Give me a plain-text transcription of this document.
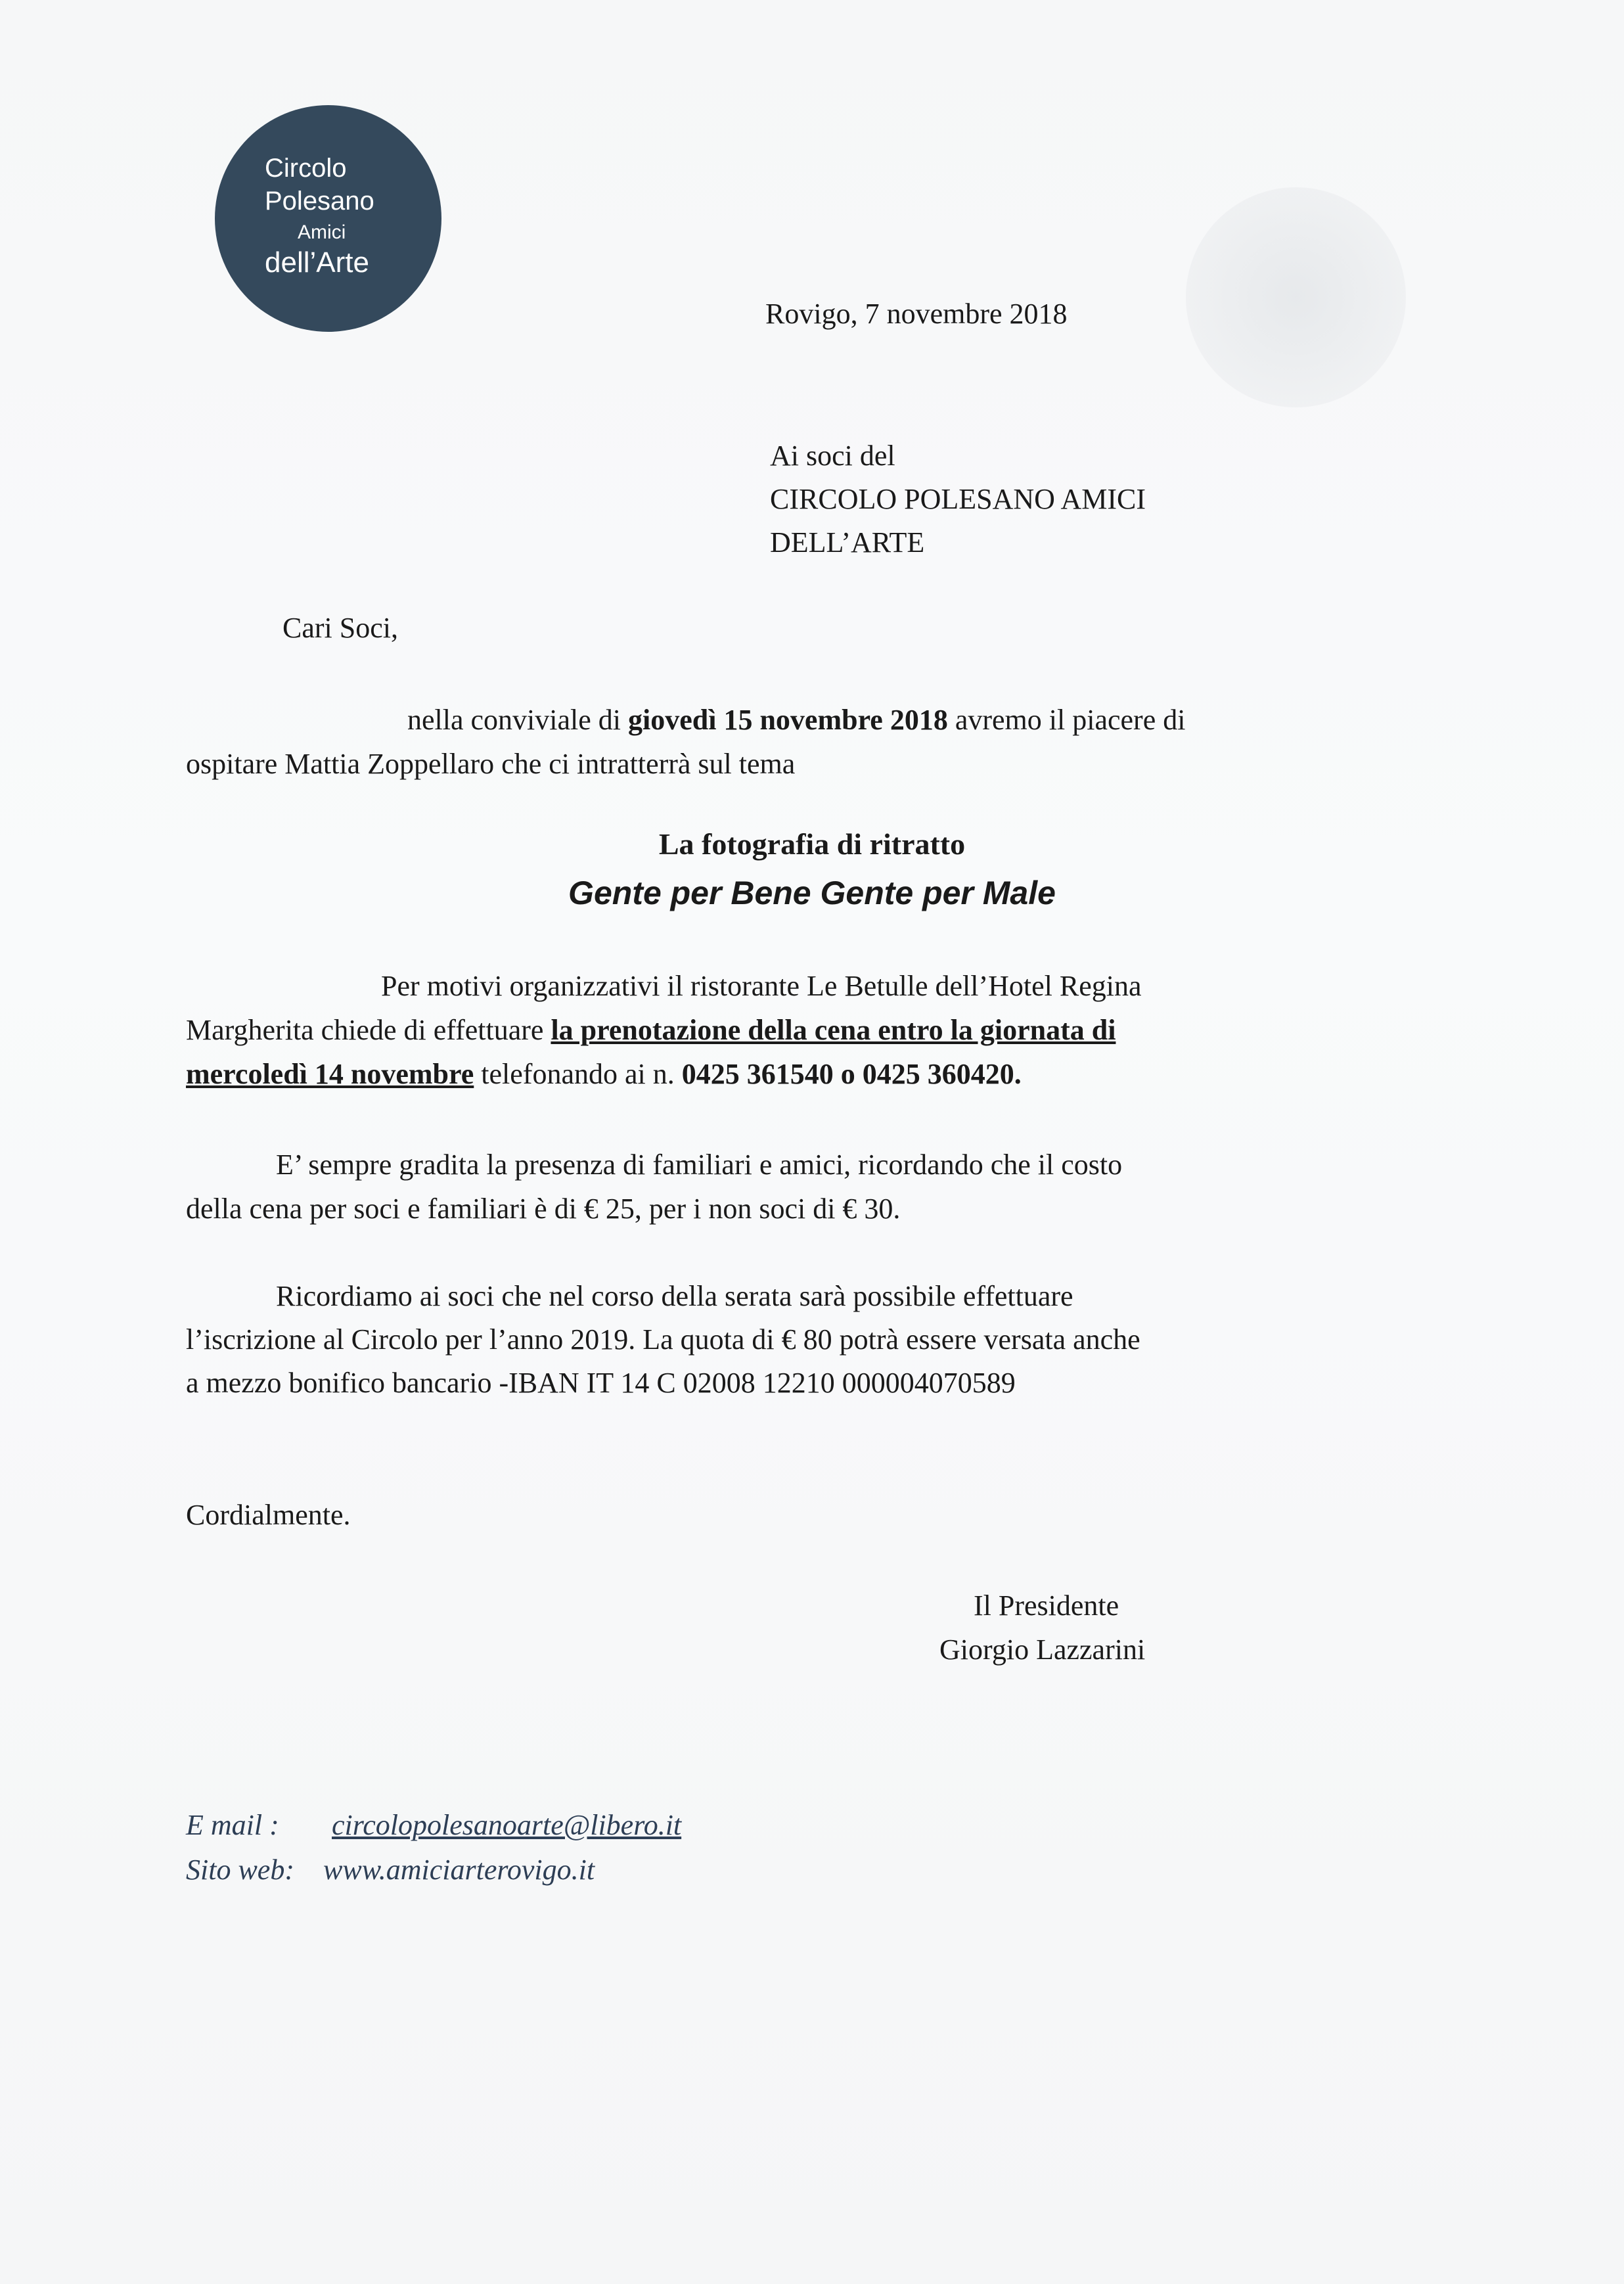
Circolo
Polesano
Amici
dell’Arte
Rovigo, 7 novembre 2018
Ai soci del
CIRCOLO POLESANO AMICI
DELL’ARTE
Cari Soci,
nella conviviale di giovedì 15 novembre 2018 avremo il piacere di
ospitare Mattia Zoppellaro che ci intratterrà sul tema
La fotografia di ritratto
Gente per Bene Gente per Male
Per motivi organizzativi il ristorante Le Betulle dell’Hotel Regina
Margherita chiede di effettuare la prenotazione della cena entro la giornata di
mercoledì 14 novembre telefonando ai n. 0425 361540 o 0425 360420.
E’ sempre gradita la presenza di familiari e amici, ricordando che il costo
della cena per soci e familiari è di € 25, per i non soci di € 30.
Ricordiamo ai soci che nel corso della serata sarà possibile effettuare
l’iscrizione al Circolo per l’anno 2019. La quota di € 80 potrà essere versata anche
a mezzo bonifico bancario -IBAN IT 14 C 02008 12210 000004070589
Cordialmente.
Il Presidente
Giorgio Lazzarini
E mail : circolopolesanoarte@libero.it
Sito web: www.amiciarterovigo.it
